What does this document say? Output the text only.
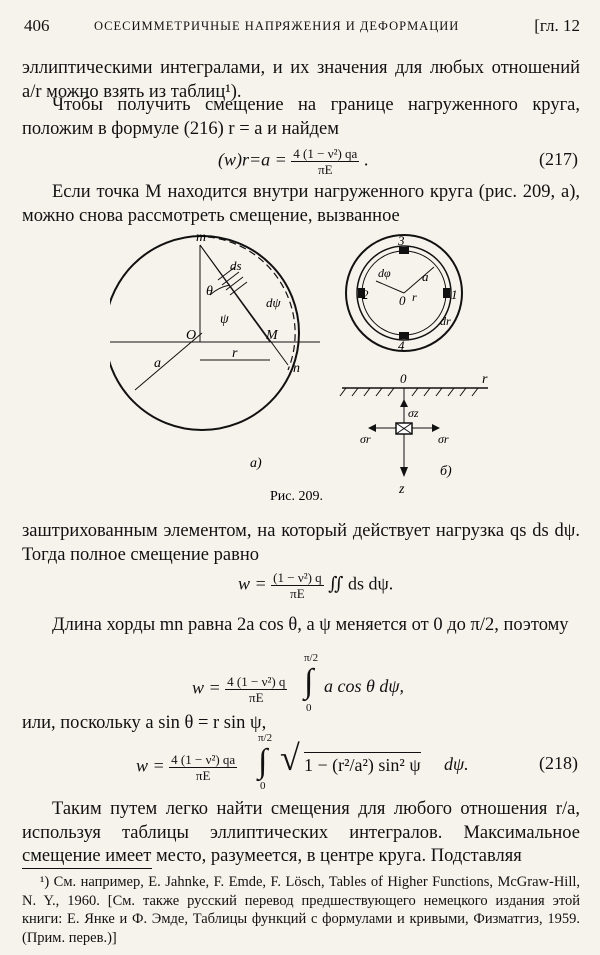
406	ОСЕСИММЕТРИЧНЫЕ НАПРЯЖЕНИЯ И ДЕФОРМАЦИИ	[гл. 12

эллиптическими интегралами, и их значения для любых отношений a/r можно взять из таблиц¹).

Чтобы получить смещение на границе нагруженного круга, положим в формуле (216) r = a и найдем

$(w)r=a = \frac{\text{4 (1 − ν²) qa}}{\pi E}$ .	(217)

Если точка M находится внутри нагруженного круга (рис. 209, а), можно снова рассмотреть смещение, вызванное

m
n
O	M
a
r
θ
ψ
ds
dψ
а)
3
4
2	1
0
a
r
dφ
dr
0	r
z
σz
σr	σr
б)
Рис. 209.

заштрихованным элементом, на который действует нагрузка qs ds dψ. Тогда полное смещение равно

$w = \frac{\text{(1 − ν²) q}}{\pi E}$ ∬ ds dψ.

Длина хорды mn равна 2a cos θ, а ψ меняется от 0 до π/2, поэтому

$w = \frac{\text{4 (1 − ν²) q}}{\pi E}$
π/2
∫
0
a cos θ dψ,

или, поскольку a sin θ = r sin ψ,

$w = \frac{\text{4 (1 − ν²) qa}}{\pi E}$
π/2
∫
0
√ 1 − (r²/a²) sin² ψ dψ.	(218)

Таким путем легко найти смещения для любого отношения r/a, используя таблицы эллиптических интегралов. Максимальное смещение имеет место, разумеется, в центре круга. Подставляя

¹) См. например, E. Jahnke, F. Emde, F. Lösch, Tables of Higher Functions, McGraw-Hill, N. Y., 1960. [См. также русский перевод предшествующего немецкого издания этой книги: Е. Янке и Ф. Эмде, Таблицы функций с формулами и кривыми, Физматгиз, 1959. (Прим. перев.)]
